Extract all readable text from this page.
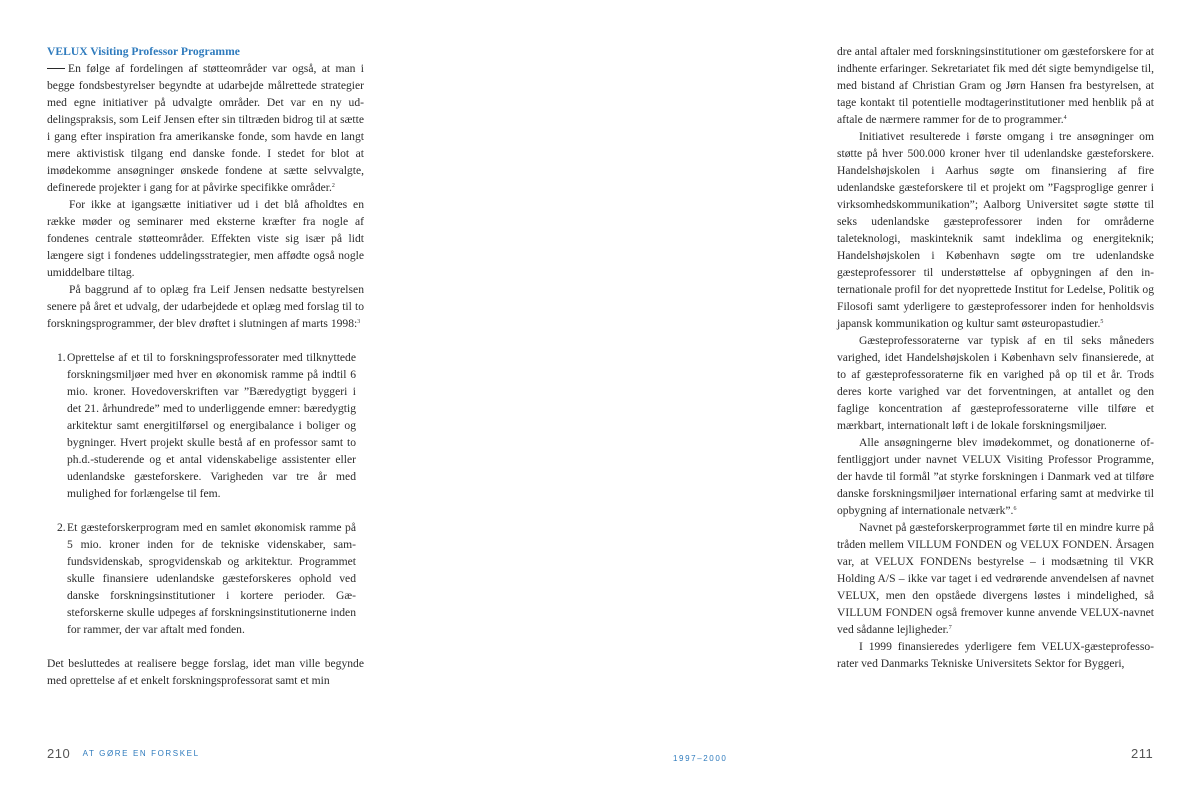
VELUX Visiting Professor Programme

En følge af fordelingen af støtteområder var også, at man i begge fondsbestyrelser begyndte at udarbejde målrettede strategier med egne initiativer på udvalgte områder. Det var en ny uddelingspraksis, som Leif Jensen efter sin tiltræden bidrog til at sætte i gang efter inspiration fra amerikanske fonde, som havde en langt mere aktivistisk tilgang end danske fonde. I stedet for blot at imødekomme ansøgninger ønskede fondene at sætte selvvalgte, definerede projekter i gang for at påvirke specifikke områder.$^2$

For ikke at igangsætte initiativer ud i det blå afholdtes en række møder og seminarer med eksterne kræfter fra nogle af fondenes centrale støtteområder. Effekten viste sig især på lidt længere sigt i fondenes uddelingsstrategier, men affødte også nogle umiddelbare tiltag.

På baggrund af to oplæg fra Leif Jensen nedsatte bestyrelsen senere på året et udvalg, der udarbejdede et oplæg med forslag til to forskningsprogrammer, der blev drøftet i slutningen af marts 1998:$^3$

1. Oprettelse af et til to forskningsprofessorater med tilknyttede forskningsmiljøer med hver en økonomisk ramme på indtil 6 mio. kroner. Hovedoverskriften var ”Bæredygtigt byggeri i det 21. århundrede” med to underliggende emner: bæredygtig arkitektur samt energitilførsel og energibalance i boliger og bygninger. Hvert projekt skulle bestå af en professor samt to ph.d.-studerende og et antal videnskabelige assistenter eller udenlandske gæsteforskere. Varigheden var tre år med mulighed for forlængelse til fem.
2. Et gæsteforskerprogram med en samlet økonomisk ramme på 5 mio. kroner inden for de tekniske videnskaber, samfundsvidenskab, sprogvidenskab og arkitektur. Programmet skulle finansiere udenlandske gæsteforskeres ophold ved danske forskningsinstitutioner i kortere perioder. Gæsteforskerne skulle udpeges af forskningsinstitutionerne inden for rammer, der var aftalt med fonden.

Det besluttedes at realisere begge forslag, idet man ville begynde med oprettelse af et enkelt forskningsprofessorat samt et min

210 AT GØRE EN FORSKEL

dre antal aftaler med forskningsinstitutioner om gæsteforskere for at indhente erfaringer. Sekretariatet fik med dét sigte bemyndigelse til, med bistand af Christian Gram og Jørn Hansen fra bestyrelsen, at tage kontakt til potentielle modtagerinstitutioner med henblik på at aftale de nærmere rammer for de to programmer.$^4$

Initiativet resulterede i første omgang i tre ansøgninger om støtte på hver 500.000 kroner hver til udenlandske gæsteforskere. Handelshøjskolen i Aarhus søgte om finansiering af fire udenlandske gæsteforskere til et projekt om ”Fagsproglige genrer i virksomhedskommunikation”; Aalborg Universitet søgte støtte til seks udenlandske gæsteprofessorer inden for områderne taleteknologi, maskinteknik samt indeklima og energiteknik; Handelshøjskolen i København søgte om tre udenlandske gæsteprofessorer til understøttelse af opbygningen af den internationale profil for det nyoprettede Institut for Ledelse, Politik og Filosofi samt yderligere to gæsteprofessorer inden for henholdsvis japansk kommunikation og kultur samt østeuropastudier.$^5$

Gæsteprofessoraterne var typisk af en til seks måneders varighed, idet Handelshøjskolen i København selv finansierede, at to af gæsteprofessoraterne fik en varighed på op til et år. Trods deres korte varighed var det forventningen, at antallet og den faglige koncentration af gæsteprofessoraterne ville tilføre et mærkbart, internationalt løft i de lokale forskningsmiljøer.

Alle ansøgningerne blev imødekommet, og donationerne offentliggjort under navnet VELUX Visiting Professor Programme, der havde til formål ”at styrke forskningen i Danmark ved at tilføre danske forskningsmiljøer international erfaring samt at medvirke til opbygning af internationale netværk”.$^6$

Navnet på gæsteforskerprogrammet førte til en mindre kurre på tråden mellem VILLUM FONDEN og VELUX FONDEN. Årsagen var, at VELUX FONDENs bestyrelse – i modsætning til VKR Holding A/S – ikke var taget i ed vedrørende anvendelsen af navnet VELUX, men den opståede divergens løstes i mindelighed, så VILLUM FONDEN også fremover kunne anvende VELUX-navnet ved sådanne lejligheder.$^7$

I 1999 finansieredes yderligere fem VELUX-gæsteprofessorater ved Danmarks Tekniske Universitets Sektor for Byggeri,

1997–2000	211
